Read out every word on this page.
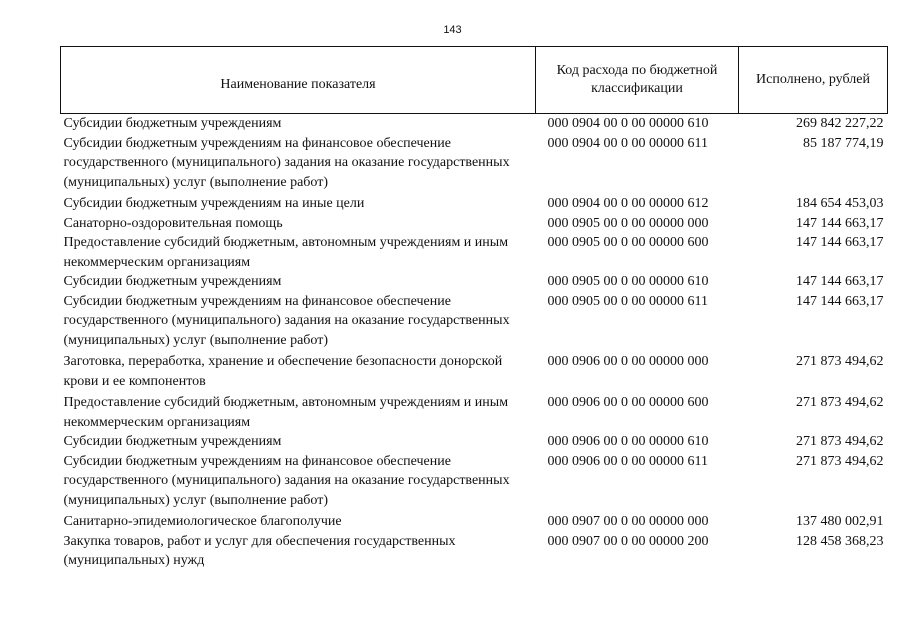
143
Наименование показателя	Код расхода по бюджетной классификации	Исполнено, рублей
Субсидии бюджетным учреждениям	000 0904 00 0 00 00000 610	269 842 227,22
Субсидии бюджетным учреждениям на финансовое обеспечение государственного (муниципального) задания на оказание государственных (муниципальных) услуг (выполнение работ)	000 0904 00 0 00 00000 611	85 187 774,19
Субсидии бюджетным учреждениям на иные цели	000 0904 00 0 00 00000 612	184 654 453,03
Санаторно-оздоровительная помощь	000 0905 00 0 00 00000 000	147 144 663,17
Предоставление субсидий бюджетным, автономным учреждениям и иным некоммерческим организациям	000 0905 00 0 00 00000 600	147 144 663,17
Субсидии бюджетным учреждениям	000 0905 00 0 00 00000 610	147 144 663,17
Субсидии бюджетным учреждениям на финансовое обеспечение государственного (муниципального) задания на оказание государственных (муниципальных) услуг (выполнение работ)	000 0905 00 0 00 00000 611	147 144 663,17
Заготовка, переработка, хранение и обеспечение безопасности донорской крови и ее компонентов	000 0906 00 0 00 00000 000	271 873 494,62
Предоставление субсидий бюджетным, автономным учреждениям и иным некоммерческим организациям	000 0906 00 0 00 00000 600	271 873 494,62
Субсидии бюджетным учреждениям	000 0906 00 0 00 00000 610	271 873 494,62
Субсидии бюджетным учреждениям на финансовое обеспечение государственного (муниципального) задания на оказание государственных (муниципальных) услуг (выполнение работ)	000 0906 00 0 00 00000 611	271 873 494,62
Санитарно-эпидемиологическое благополучие	000 0907 00 0 00 00000 000	137 480 002,91
Закупка товаров, работ и услуг для обеспечения государственных (муниципальных) нужд	000 0907 00 0 00 00000 200	128 458 368,23
